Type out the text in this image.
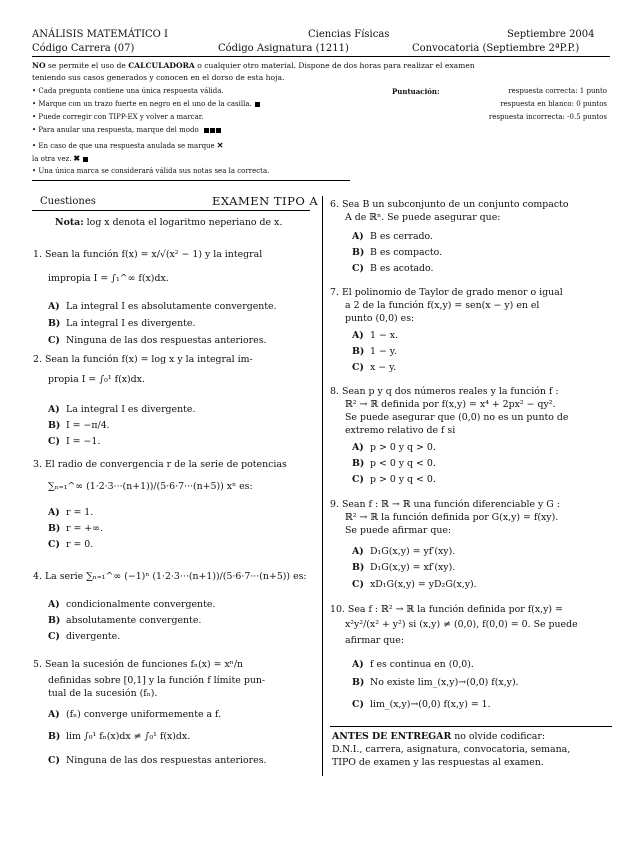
ANÁLISIS MATEMÁTICO I	Ciencias Físicas	Septiembre 2004
Código Carrera (07)	Código Asignatura (1211)	Convocatoria (Septiembre 2ªP.P.)
NO se permite el uso de CALCULADORA o cualquier otro material. Dispone de dos horas para realizar el examen
teniendo sus casos generados y conocen en el dorso de esta hoja.
• Cada pregunta contiene una única respuesta válida.
• Marque con un trazo fuerte en negro en el uno de la casilla.
• Puede corregir con TIPP-EX y volver a marcar.
• Para anular una respuesta, marque del modo
• En caso de que una respuesta anulada se marque ✕
la otra vez. ✖
• Una única marca se considerará válida sus notas sea la correcta.
Puntuación:	respuesta correcta: 1 punto
respuesta en blanco: 0 puntos
respuesta incorrecta: -0.5 puntos
Cuestiones	EXAMEN TIPO A
Nota: log x denota el logaritmo neperiano de x.
1. Sean la función f(x) = x/√(x² − 1) y la integral
impropia I = ∫₁^∞ f(x)dx.
A) La integral I es absolutamente convergente.
B) La integral I es divergente.
C) Ninguna de las dos respuestas anteriores.
2. Sean la función f(x) = log x y la integral im-
propia I = ∫₀¹ f(x)dx.
A) La integral I es divergente.
B) I = −π/4.
C) I = −1.
3. El radio de convergencia r de la serie de potencias
∑ₙ₌₁^∞ (1·2·3···(n+1))/(5·6·7···(n+5)) xⁿ es:
A) r = 1.
B) r = +∞.
C) r = 0.
4. La serie ∑ₙ₌₁^∞ (−1)ⁿ (1·2·3···(n+1))/(5·6·7···(n+5)) es:
A) condicionalmente convergente.
B) absolutamente convergente.
C) divergente.
5. Sean la sucesión de funciones fₙ(x) = xⁿ/n
definidas sobre [0,1] y la función f límite pun-
tual de la sucesión (fₙ).
A) (fₙ) converge uniformemente a f.
B) lim ∫₀¹ fₙ(x)dx ≠ ∫₀¹ f(x)dx.
C) Ninguna de las dos respuestas anteriores.
6. Sea B un subconjunto de un conjunto compacto
A de ℝⁿ. Se puede asegurar que:
A) B es cerrado.
B) B es compacto.
C) B es acotado.
7. El polinomio de Taylor de grado menor o igual
a 2 de la función f(x,y) = sen(x − y) en el
punto (0,0) es:
A) 1 − x.
B) 1 − y.
C) x − y.
8. Sean p y q dos números reales y la función f :
ℝ² → ℝ definida por f(x,y) = x⁴ + 2px² − qy².
Se puede asegurar que (0,0) no es un punto de
extremo relativo de f si
A) p > 0 y q > 0.
B) p < 0 y q < 0.
C) p > 0 y q < 0.
9. Sean f : ℝ → ℝ una función diferenciable y G :
ℝ² → ℝ la función definida por G(x,y) = f(xy).
Se puede afirmar que:
A) D₁G(x,y) = yf′(xy).
B) D₁G(x,y) = xf′(xy).
C) xD₁G(x,y) = yD₂G(x,y).
10. Sea f : ℝ² → ℝ la función definida por f(x,y) =
x²y²/(x² + y²) si (x,y) ≠ (0,0), f(0,0) = 0. Se puede
afirmar que:
A) f es continua en (0,0).
B) No existe lim_(x,y)→(0,0) f(x,y).
C) lim_(x,y)→(0,0) f(x,y) = 1.
ANTES DE ENTREGAR no olvide codificar:
D.N.I., carrera, asignatura, convocatoria, semana,
TIPO de examen y las respuestas al examen.
